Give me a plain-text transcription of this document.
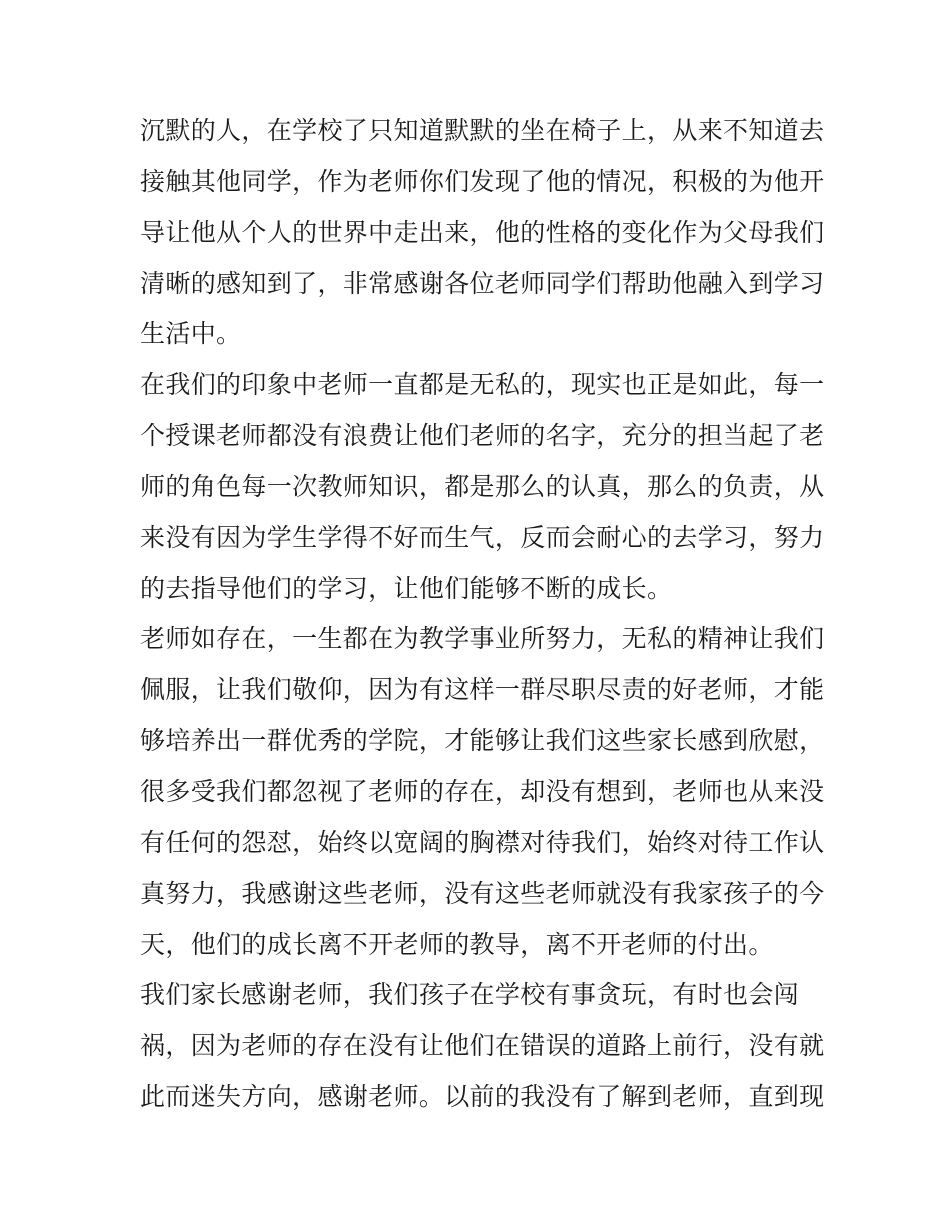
沉默的人，在学校了只知道默默的坐在椅子上，从来不知道去
接触其他同学，作为老师你们发现了他的情况，积极的为他开
导让他从个人的世界中走出来，他的性格的变化作为父母我们
清晰的感知到了，非常感谢各位老师同学们帮助他融入到学习
生活中。
在我们的印象中老师一直都是无私的，现实也正是如此，每一
个授课老师都没有浪费让他们老师的名字，充分的担当起了老
师的角色每一次教师知识，都是那么的认真，那么的负责，从
来没有因为学生学得不好而生气，反而会耐心的去学习，努力
的去指导他们的学习，让他们能够不断的成长。
老师如存在，一生都在为教学事业所努力，无私的精神让我们
佩服，让我们敬仰，因为有这样一群尽职尽责的好老师，才能
够培养出一群优秀的学院，才能够让我们这些家长感到欣慰，
很多受我们都忽视了老师的存在，却没有想到，老师也从来没
有任何的怨怼，始终以宽阔的胸襟对待我们，始终对待工作认
真努力，我感谢这些老师，没有这些老师就没有我家孩子的今
天，他们的成长离不开老师的教导，离不开老师的付出。
我们家长感谢老师，我们孩子在学校有事贪玩，有时也会闯
祸，因为老师的存在没有让他们在错误的道路上前行，没有就
此而迷失方向，感谢老师。以前的我没有了解到老师，直到现
